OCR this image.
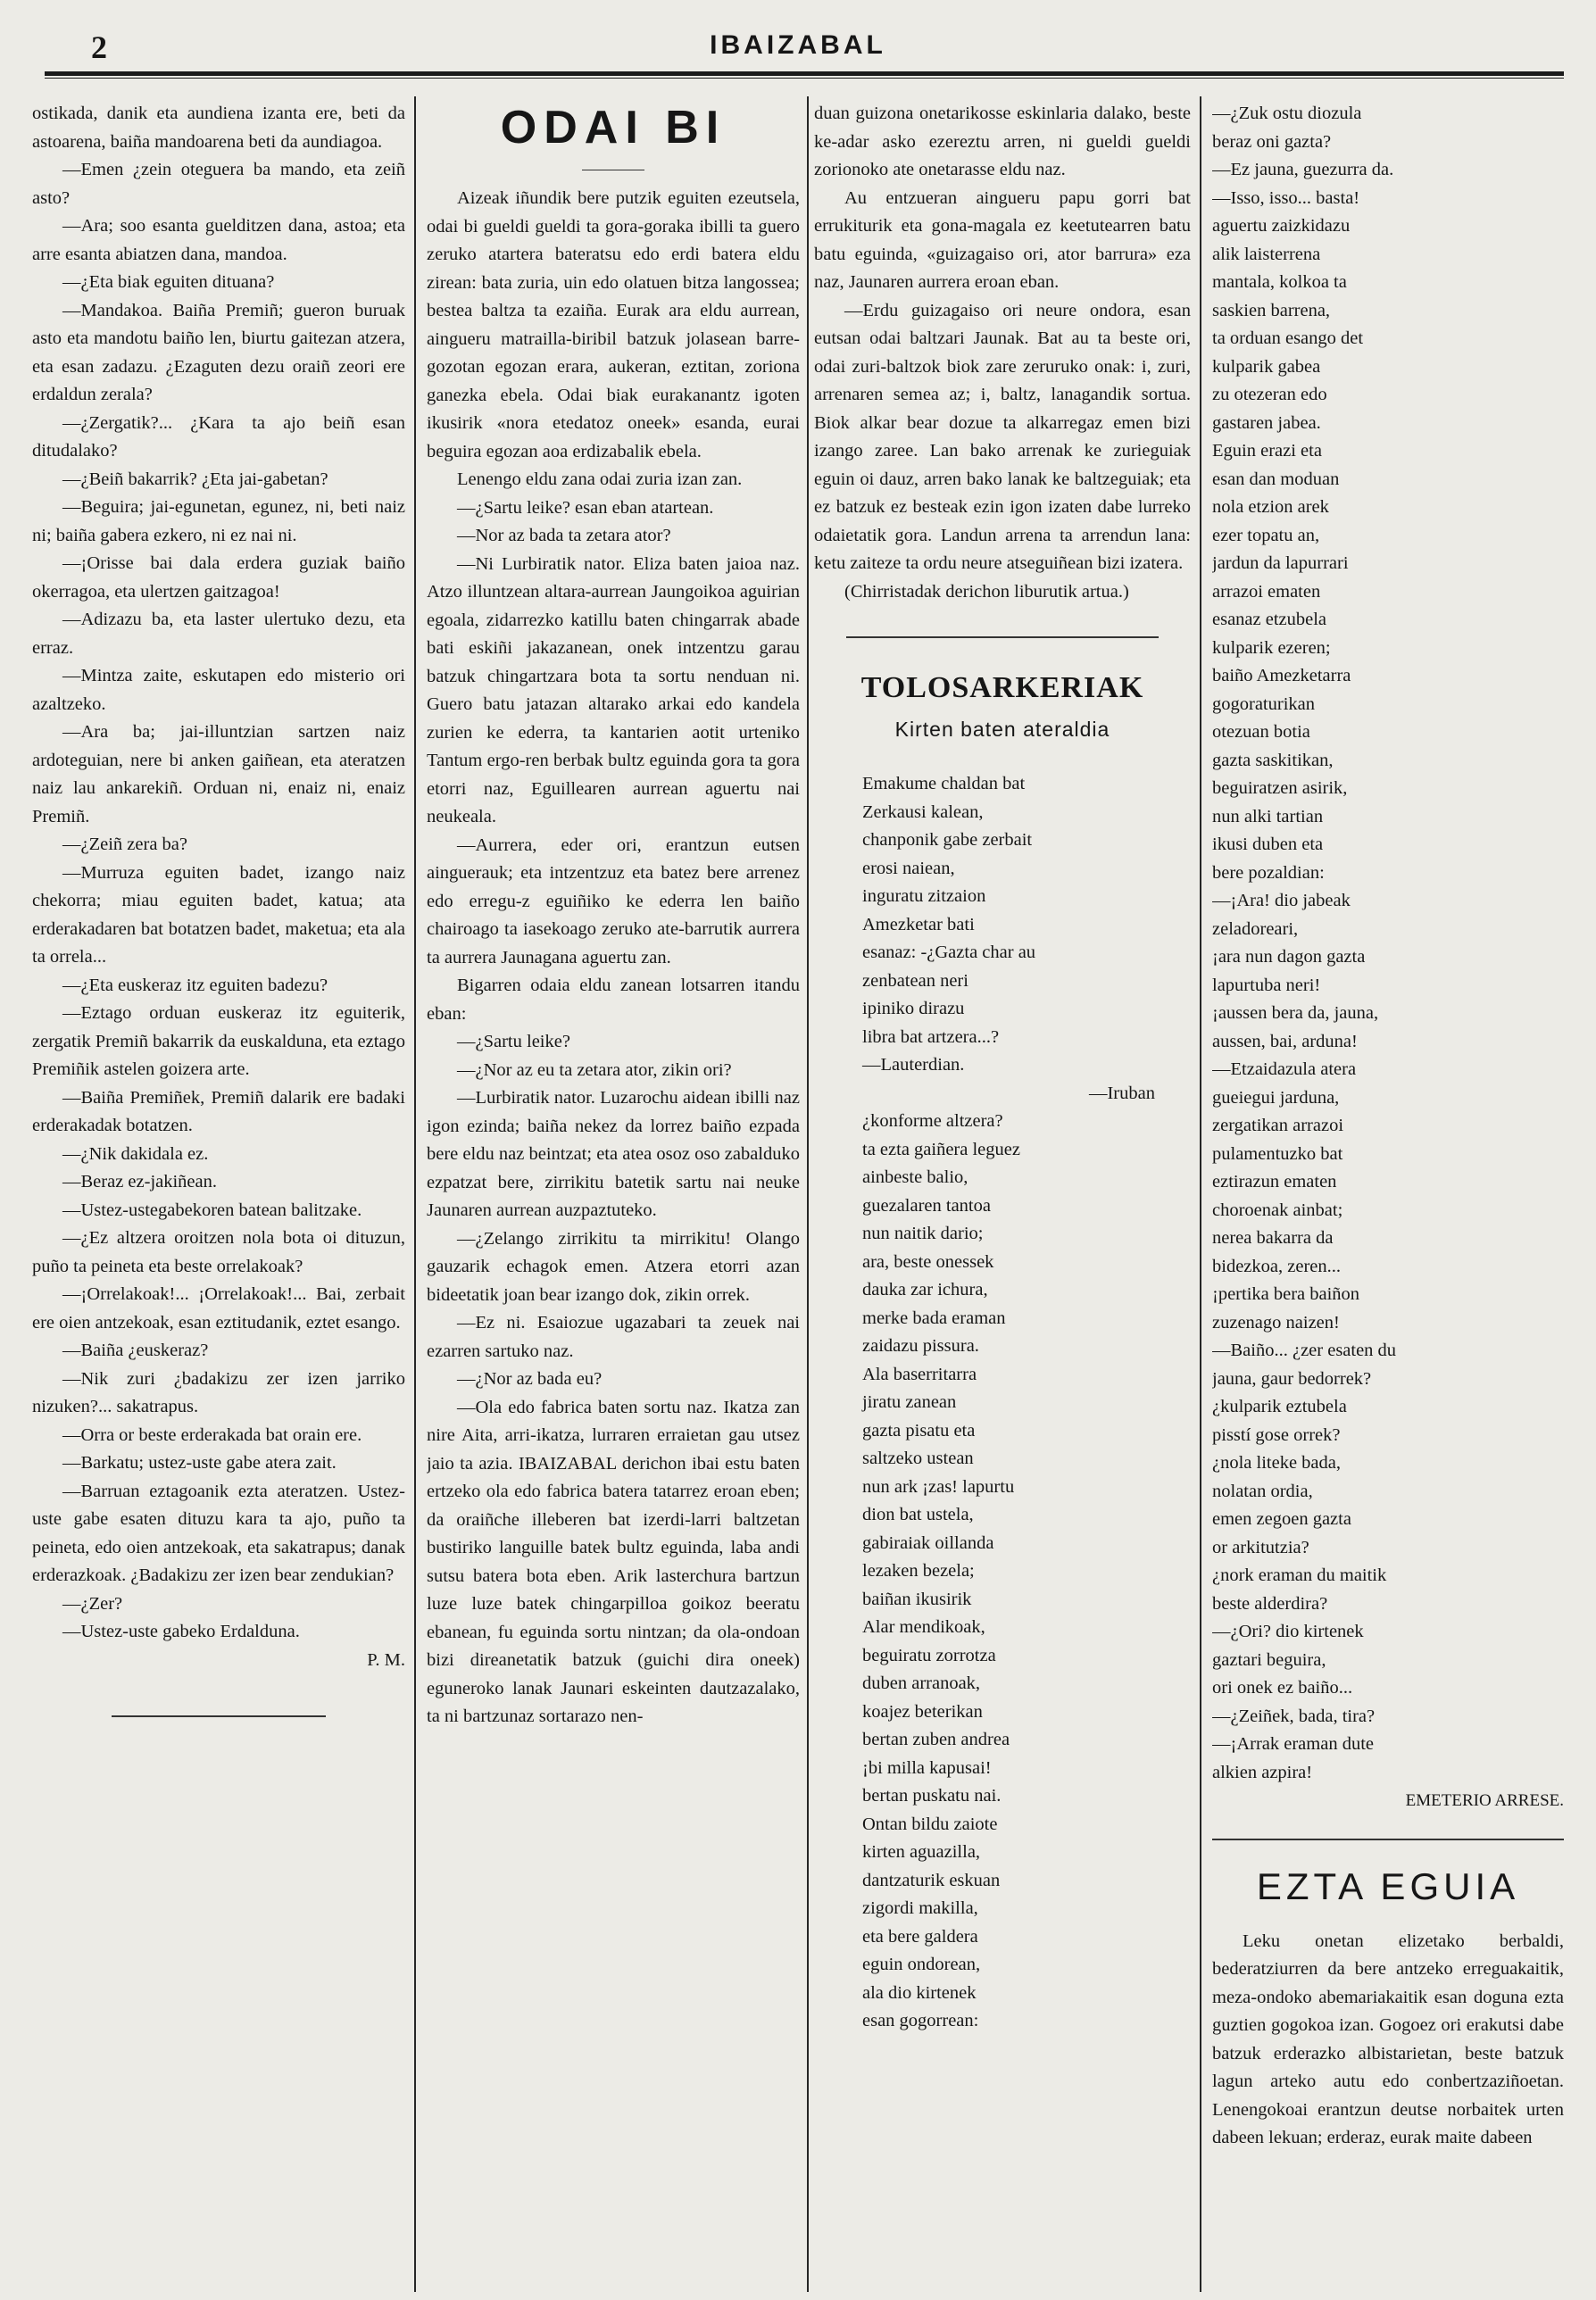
2	IBAIZABAL

ostikada, danik eta aundiena izanta ere, beti da astoarena, baiña mandoarena beti da aundiagoa.

—Emen ¿zein oteguera ba mando, eta zeiñ asto?

—Ara; soo esanta guelditzen dana, astoa; eta arre esanta abiatzen dana, mandoa.

—¿Eta biak eguiten dituana?

—Mandakoa. Baiña Premiñ; gueron buruak asto eta mandotu baiño len, biurtu gaitezan atzera, eta esan zadazu. ¿Ezaguten dezu oraiñ zeori ere erdaldun zerala?

—¿Zergatik?... ¿Kara ta ajo beiñ esan ditudalako?

—¿Beiñ bakarrik? ¿Eta jai-gabetan?

—Beguira; jai-egunetan, egunez, ni, beti naiz ni; baiña gabera ezkero, ni ez nai ni.

—¡Orisse bai dala erdera guziak baiño okerragoa, eta ulertzen gaitzagoa!

—Adizazu ba, eta laster ulertuko dezu, eta erraz.

—Mintza zaite, eskutapen edo misterio ori azaltzeko.

—Ara ba; jai-illuntzian sartzen naiz ardoteguian, nere bi anken gaiñean, eta ateratzen naiz lau ankarekiñ. Orduan ni, enaiz ni, enaiz Premiñ.

—¿Zeiñ zera ba?

—Murruza eguiten badet, izango naiz chekorra; miau eguiten badet, katua; ata erderakadaren bat botatzen badet, maketua; eta ala ta orrela...

—¿Eta euskeraz itz eguiten badezu?

—Eztago orduan euskeraz itz eguiterik, zergatik Premiñ bakarrik da euskalduna, eta eztago Premiñik astelen goizera arte.

—Baiña Premiñek, Premiñ dalarik ere badaki erderakadak botatzen.

—¿Nik dakidala ez.

—Beraz ez-jakiñean.

—Ustez-ustegabekoren batean balitzake.

—¿Ez altzera oroitzen nola bota oi dituzun, puño ta peineta eta beste orrelakoak?

—¡Orrelakoak!... ¡Orrelakoak!... Bai, zerbait ere oien antzekoak, esan eztitudanik, eztet esango.

—Baiña ¿euskeraz?

—Nik zuri ¿badakizu zer izen jarriko nizuken?... sakatrapus.

—Orra or beste erderakada bat orain ere.

—Barkatu; ustez-uste gabe atera zait.

—Barruan eztagoanik ezta ateratzen. Ustez-uste gabe esaten dituzu kara ta ajo, puño ta peineta, edo oien antzekoak, eta sakatrapus; danak erderazkoak. ¿Badakizu zer izen bear zendukian?

—¿Zer?

—Ustez-uste gabeko Erdalduna.

P. M.

ODAI BI

Aizeak iñundik bere putzik eguiten ezeutsela, odai bi gueldi gueldi ta gora-goraka ibilli ta guero zeruko atartera bateratsu edo erdi batera eldu zirean: bata zuria, uin edo olatuen bitza langossea; bestea baltza ta ezaiña. Eurak ara eldu aurrean, aingueru matrailla-biribil batzuk jolasean barre-gozotan egozan erara, aukeran, eztitan, zoriona ganezka ebela. Odai biak eurakanantz igoten ikusirik «nora etedatoz oneek» esanda, eurai beguira egozan aoa erdizabalik ebela.

Lenengo eldu zana odai zuria izan zan.

—¿Sartu leike? esan eban atartean.

—Nor az bada ta zetara ator?

—Ni Lurbiratik nator. Eliza baten jaioa naz. Atzo illuntzean altara-aurrean Jaungoikoa aguirian egoala, zidarrezko katillu baten chingarrak abade bati eskiñi jakazanean, onek intzentzu garau batzuk chingartzara bota ta sortu nenduan ni. Guero batu jatazan altarako arkai edo kandela zurien ke ederra, ta kantarien aotit urteniko Tantum ergo-ren berbak bultz eguinda gora ta gora etorri naz, Eguillearen aurrean aguertu nai neukeala.

—Aurrera, eder ori, erantzun eutsen ainguerauk; eta intzentzuz eta batez bere arrenez edo erregu-z eguiñiko ke ederra len baiño chairoago ta iasekoago zeruko ate-barrutik aurrera ta aurrera Jaunagana aguertu zan.

Bigarren odaia eldu zanean lotsarren itandu eban:

—¿Sartu leike?

—¿Nor az eu ta zetara ator, zikin ori?

—Lurbiratik nator. Luzarochu aidean ibilli naz igon ezinda; baiña nekez da lorrez baiño ezpada bere eldu naz beintzat; eta atea osoz oso zabalduko ezpatzat bere, zirrikitu batetik sartu nai neuke Jaunaren aurrean auzpaztuteko.

—¿Zelango zirrikitu ta mirrikitu! Olango gauzarik echagok emen. Atzera etorri azan bideetatik joan bear izango dok, zikin orrek.

—Ez ni. Esaiozue ugazabari ta zeuek nai ezarren sartuko naz.

—¿Nor az bada eu?

—Ola edo fabrica baten sortu naz. Ikatza zan nire Aita, arri-ikatza, lurraren erraietan gau utsez jaio ta azia. IBAIZABAL derichon ibai estu baten ertzeko ola edo fabrica batera tatarrez eroan eben; da oraiñche illeberen bat izerdi-larri baltzetan bustiriko languille batek bultz eguinda, laba andi sutsu batera bota eben. Arik lasterchura bartzun luze luze batek chingarpilloa goikoz beeratu ebanean, fu eguinda sortu nintzan; da ola-ondoan bizi direanetatik batzuk (guichi dira oneek) eguneroko lanak Jaunari eskeinten dautzazalako, ta ni bartzunaz sortarazo nen-

duan guizona onetarikosse eskinlaria dalako, beste ke-adar asko ezereztu arren, ni gueldi gueldi zorionoko ate onetarasse eldu naz.

Au entzueran ainguеru papu gorri bat errukiturik eta gona-magala ez keetutearren batu batu eguinda, «guizagaiso ori, ator barrura» eza naz, Jaunaren aurrera eroan eban.

—Erdu guizagaiso ori neure ondora, esan eutsan odai baltzari Jaunak. Bat au ta beste ori, odai zuri-baltzok biok zare zeruruko onak: i, zuri, arrenaren semea az; i, baltz, lanagandik sortua. Biok alkar bear dozue ta alkarregaz emen bizi izango zaree. Lan bako arrenak ke zurieguiak eguin oi dauz, arren bako lanak ke baltzeguiak; eta ez batzuk ez besteak ezin igon izaten dabe lurreko odaietatik gora. Landun arrena ta arrendun lana: ketu zaiteze ta ordu neure atseguiñean bizi izatera.

(Chirristadak derichon liburutik artua.)

TOLOSARKERIAK
Kirten baten ateraldia

Emakume chaldan bat

Zerkausi kalean,

chanponik gabe zerbait

erosi naiean,

inguratu zitzaion

Amezketar bati

esanaz: -¿Gazta char au

zenbatean neri

ipiniko dirazu

libra bat artzera...?

—Lauterdian.

—Iruban

¿konforme altzera?

ta ezta gaiñera leguez

ainbeste balio,

guezalaren tantoa

nun naitik dario;

ara, beste onessek

dauka zar ichura,

merke bada eraman

zaidazu pissura.

Ala baserritarra

jiratu zanean

gazta pisatu eta

saltzeko ustean

nun ark ¡zas! lapurtu

dion bat ustela,

gabiraiak oillanda

lezaken bezela;

baiñan ikusirik

Alar mendikoak,

beguiratu zorrotza

duben arranoak,

koajez beterikan

bertan zuben andrea

¡bi milla kapusai!

bertan puskatu nai.

Ontan bildu zaiote

kirten aguazilla,

dantzaturik eskuan

zigordi makilla,

eta bere galdera

eguin ondorean,

ala dio kirtenek

esan gogorrean:

—¿Zuk ostu diozula

beraz oni gazta?

—Ez jauna, guezurra da.

—Isso, isso... basta!

aguertu zaizkidazu

alik laisterrena

mantala, kolkoa ta

saskien barrena,

ta orduan esango det

kulparik gabea

zu otezeran edo

gastaren jabea.

Eguin erazi eta

esan dan moduan

nola etzion arek

ezer topatu an,

jardun da lapurrari

arrazoi ematen

esanaz etzubela

kulparik ezeren;

baiño Amezketarra

gogoraturikan

otezuan botia

gazta saskitikan,

beguiratzen asirik,

nun alki tartian

ikusi duben eta

bere pozaldian:

—¡Ara! dio jabeak

zeladoreari,

¡ara nun dagon gazta

lapurtuba neri!

¡aussen bera da, jauna,

aussen, bai, arduna!

—Etzaidazula atera

gueiegui jarduna,

zergatikan arrazoi

pulamentuzko bat

eztirazun ematen

choroenak ainbat;

nerea bakarra da

bidezkoa, zeren...

¡pertika bera baiñon

zuzenago naizen!

—Baiño... ¿zer esaten du

jauna, gaur bedorrek?

¿kulparik eztubela

pisstí gose orrek?

¿nola liteke bada,

nolatan ordia,

emen zegoen gazta

or arkitutzia?

¿nork eraman du maitik

beste alderdira?

—¿Ori? dio kirtenek

gaztari beguira,

ori onek ez baiño...

—¿Zeiñek, bada, tira?

—¡Arrak eraman dute

alkien azpira!

EMETERIO ARRESE.

EZTA EGUIA

Leku onetan elizetako berbaldi, bederatziurren da bere antzeko erreguakaitik, meza-ondoko abemariakaitik esan doguna ezta guztien gogokoa izan. Gogoez ori erakutsi dabe batzuk erderazko albistarietan, beste batzuk lagun arteko autu edo conbertzaziñoetan. Lenengokoai erantzun deutse norbaitek urten dabeen lekuan; erderaz, eurak maite dabeen
